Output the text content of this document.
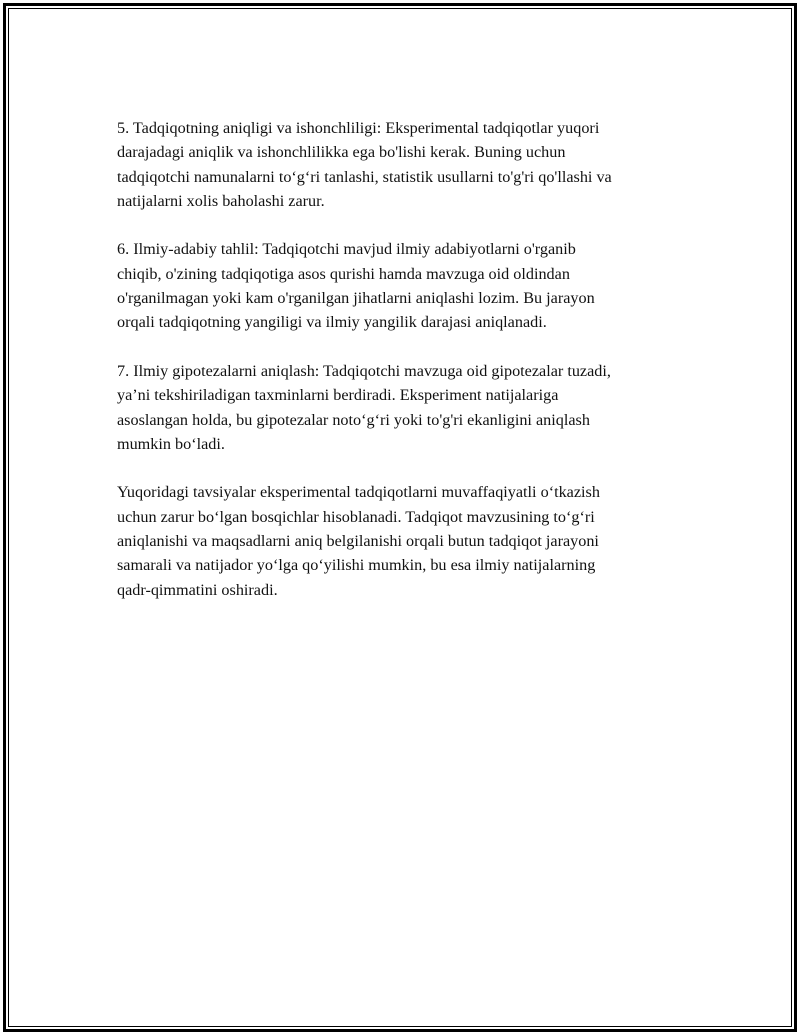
5. Tadqiqotning aniqligi va ishonchliligi: Eksperimental tadqiqotlar yuqori
darajadagi aniqlik va ishonchlilikka ega bo'lishi kerak. Buning uchun
tadqiqotchi namunalarni to‘g‘ri tanlashi, statistik usullarni to'g'ri qo'llashi va
natijalarni xolis baholashi zarur.

6. Ilmiy-adabiy tahlil: Tadqiqotchi mavjud ilmiy adabiyotlarni o'rganib
chiqib, o'zining tadqiqotiga asos qurishi hamda mavzuga oid oldindan
o'rganilmagan yoki kam o'rganilgan jihatlarni aniqlashi lozim. Bu jarayon
orqali tadqiqotning yangiligi va ilmiy yangilik darajasi aniqlanadi.

7. Ilmiy gipotezalarni aniqlash: Tadqiqotchi mavzuga oid gipotezalar tuzadi,
ya’ni tekshiriladigan taxminlarni berdiradi. Eksperiment natijalariga
asoslangan holda, bu gipotezalar noto‘g‘ri yoki to'g'ri ekanligini aniqlash
mumkin bo‘ladi.

Yuqoridagi tavsiyalar eksperimental tadqiqotlarni muvaffaqiyatli o‘tkazish
uchun zarur bo‘lgan bosqichlar hisoblanadi. Tadqiqot mavzusining to‘g‘ri
aniqlanishi va maqsadlarni aniq belgilanishi orqali butun tadqiqot jarayoni
samarali va natijador yo‘lga qo‘yilishi mumkin, bu esa ilmiy natijalarning
qadr-qimmatini oshiradi.
